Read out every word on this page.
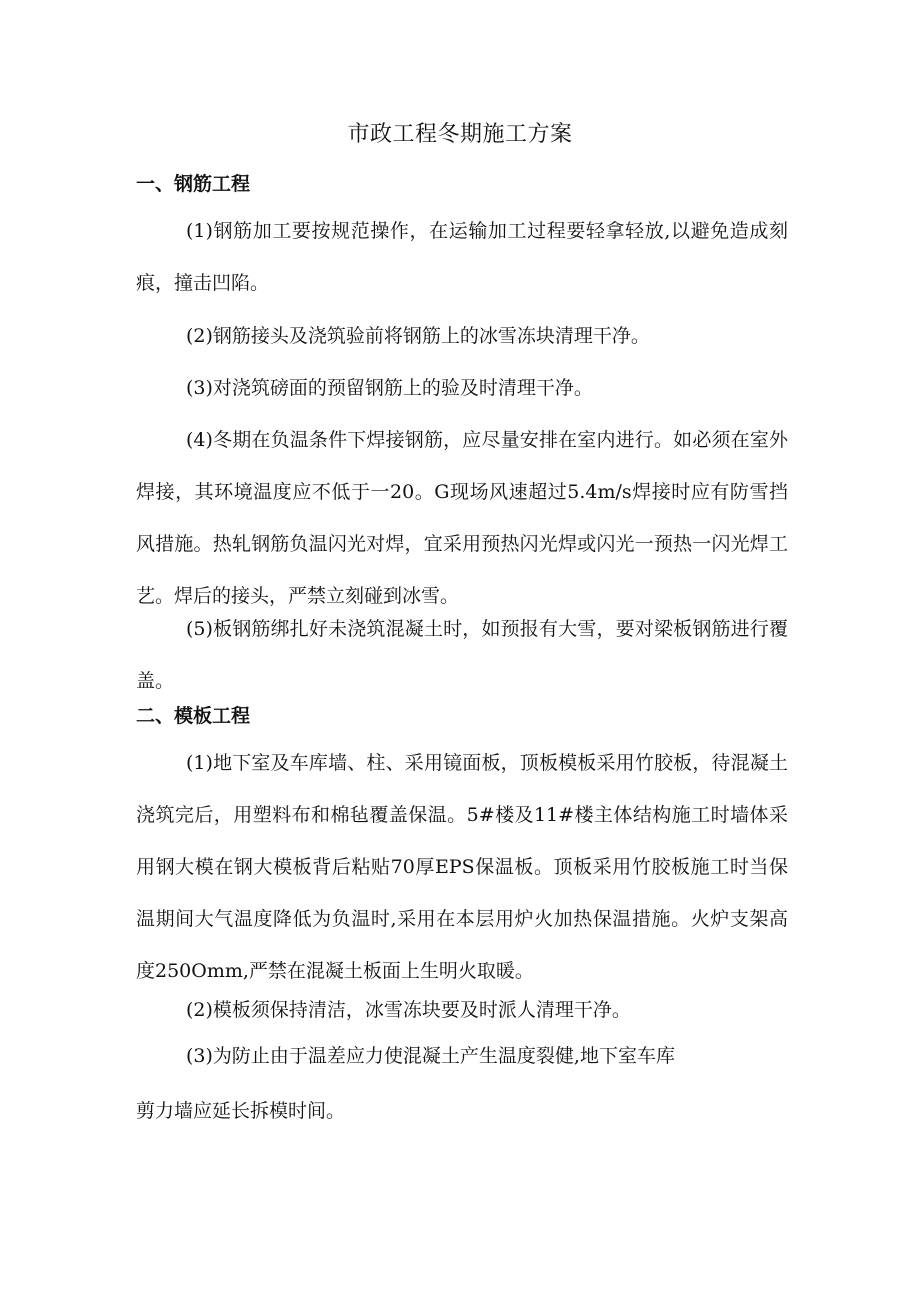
市政工程冬期施工方案
一、钢筋工程
(1)钢筋加工要按规范操作，在运输加工过程要轻拿轻放,以避免造成刻痕，撞击凹陷。
(2)钢筋接头及浇筑验前将钢筋上的冰雪冻块清理干净。
(3)对浇筑磅面的预留钢筋上的验及时清理干净。
(4)冬期在负温条件下焊接钢筋，应尽量安排在室内进行。如必须在室外焊接，其环境温度应不低于一20。G现场风速超过5.4m∕s焊接时应有防雪挡风措施。热轧钢筋负温闪光对焊，宜采用预热闪光焊或闪光一预热一闪光焊工艺。焊后的接头，严禁立刻碰到冰雪。
(5)板钢筋绑扎好未浇筑混凝土时，如预报有大雪，要对梁板钢筋进行覆盖。
二、模板工程
(1)地下室及车库墙、柱、采用镜面板，顶板模板采用竹胶板，待混凝土浇筑完后，用塑料布和棉毡覆盖保温。5#楼及11#楼主体结构施工时墙体采用钢大模在钢大模板背后粘贴70厚EPS保温板。顶板采用竹胶板施工时当保温期间大气温度降低为负温时,采用在本层用炉火加热保温措施。火炉支架高度250Omm,严禁在混凝土板面上生明火取暖。
(2)模板须保持清洁，冰雪冻块要及时派人清理干净。
(3)为防止由于温差应力使混凝土产生温度裂健,地下室车库
剪力墙应延长拆模时间。
